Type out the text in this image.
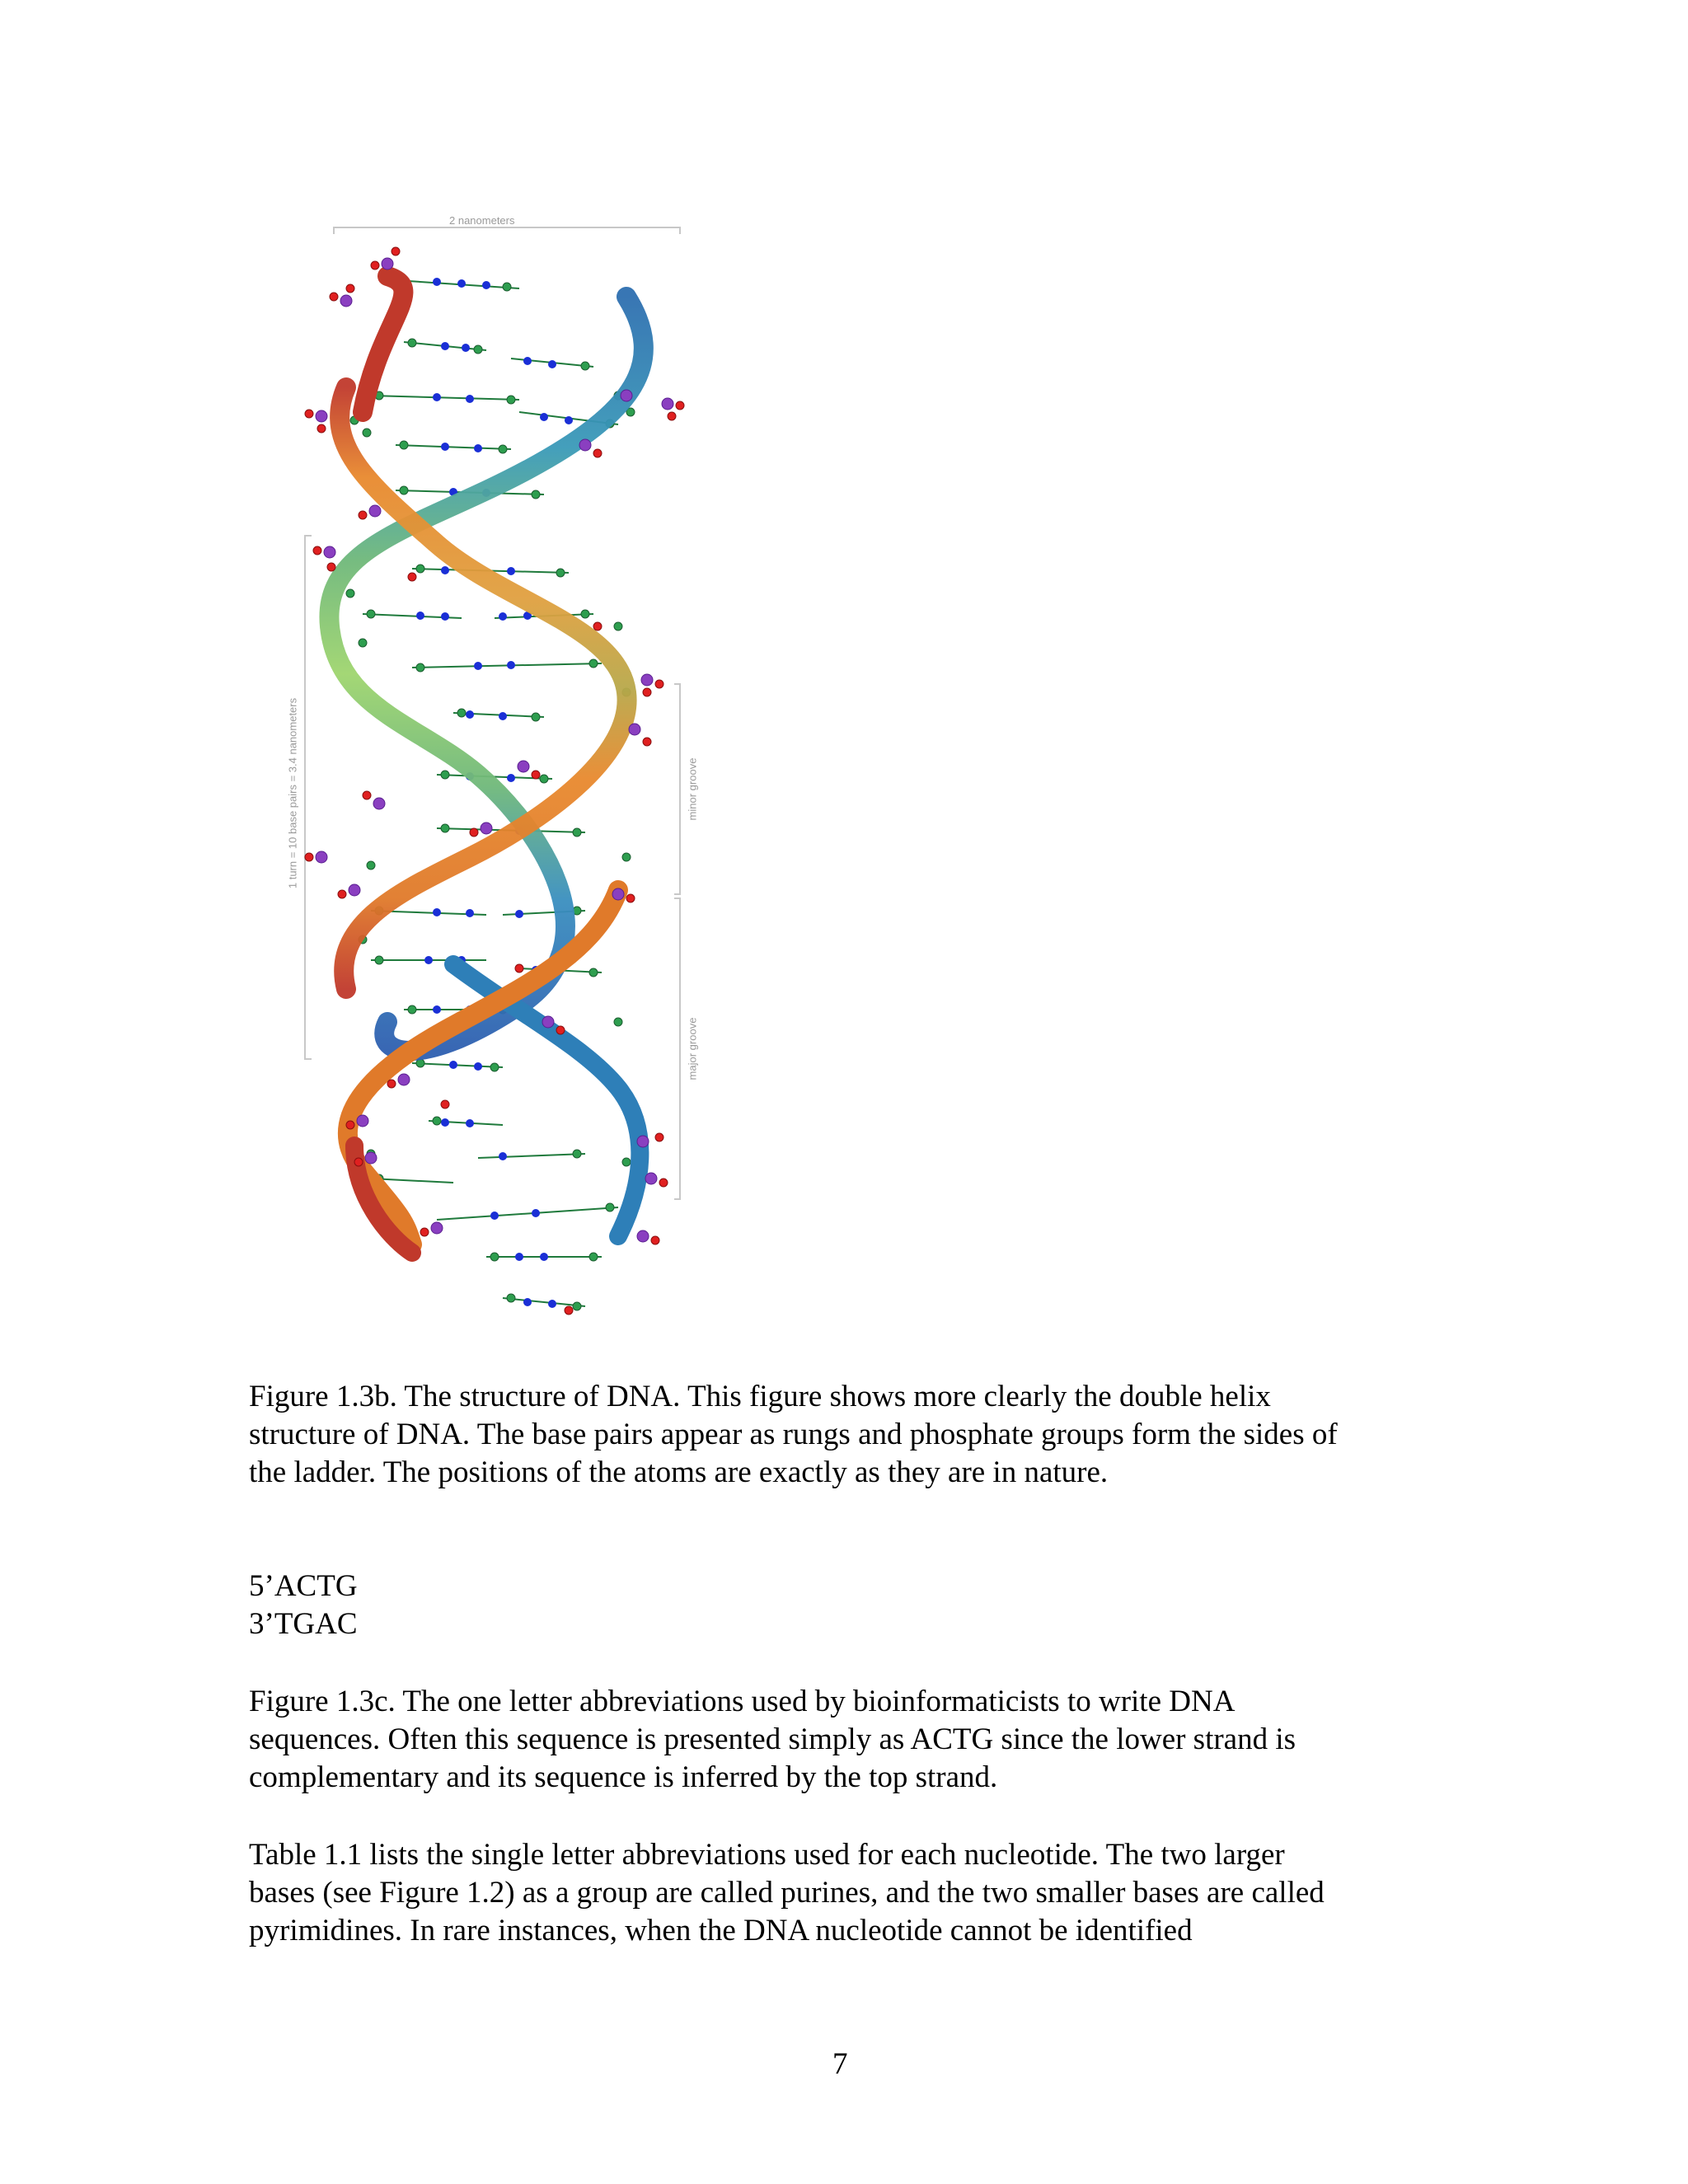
2 nanometers
1 turn = 10 base pairs = 3.4 nanometers	minor groove
major groove
Figure 1.3b. The structure of DNA. This figure shows more clearly the double helix
structure of DNA. The base pairs appear as rungs and phosphate groups form the sides of
the ladder. The positions of the atoms are exactly as they are in nature.
5’ACTG
3’TGAC
Figure 1.3c. The one letter abbreviations used by bioinformaticists to write DNA
sequences. Often this sequence is presented simply as ACTG since the lower strand is
complementary and its sequence is inferred by the top strand.
Table 1.1 lists the single letter abbreviations used for each nucleotide. The two larger
bases (see Figure 1.2) as a group are called purines, and the two smaller bases are called
pyrimidines. In rare instances, when the DNA nucleotide cannot be identified
7
